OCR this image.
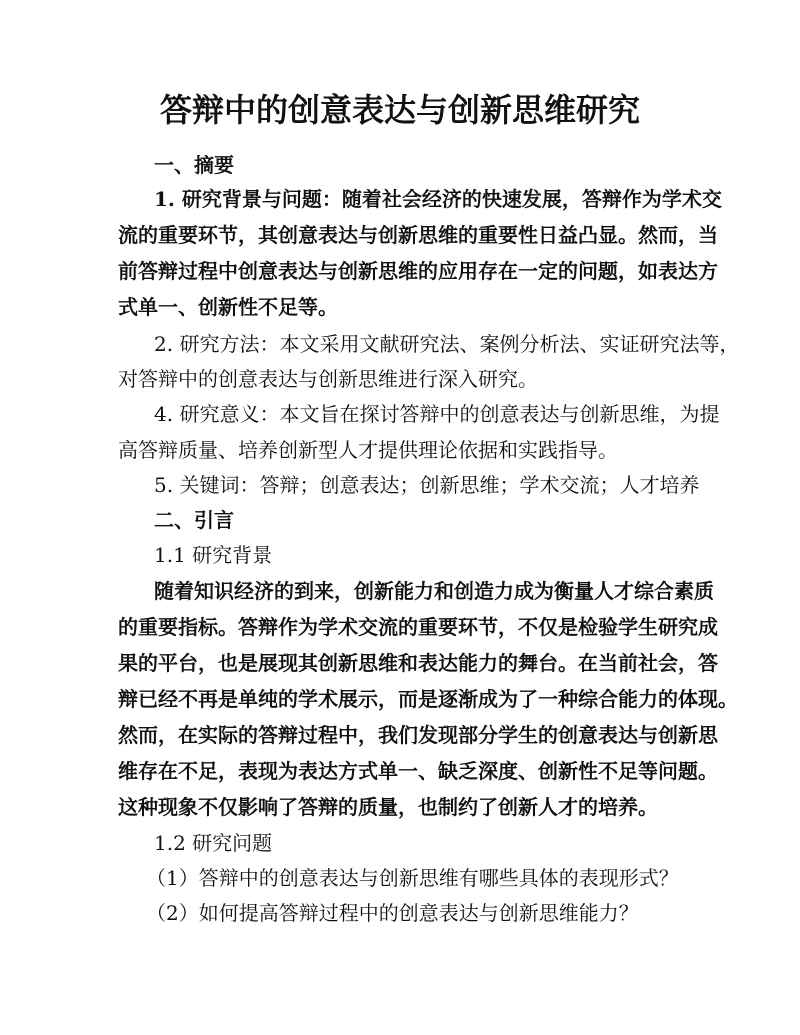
答辩中的创意表达与创新思维研究
一、摘要
1. 研究背景与问题：随着社会经济的快速发展，答辩作为学术交
流的重要环节，其创意表达与创新思维的重要性日益凸显。然而，当
前答辩过程中创意表达与创新思维的应用存在一定的问题，如表达方
式单一、创新性不足等。
2. 研究方法：本文采用文献研究法、案例分析法、实证研究法等，
对答辩中的创意表达与创新思维进行深入研究。
4. 研究意义：本文旨在探讨答辩中的创意表达与创新思维，为提
高答辩质量、培养创新型人才提供理论依据和实践指导。
5. 关键词：答辩；创意表达；创新思维；学术交流；人才培养
二、引言
1.1 研究背景
随着知识经济的到来，创新能力和创造力成为衡量人才综合素质
的重要指标。答辩作为学术交流的重要环节，不仅是检验学生研究成
果的平台，也是展现其创新思维和表达能力的舞台。在当前社会，答
辩已经不再是单纯的学术展示，而是逐渐成为了一种综合能力的体现。
然而，在实际的答辩过程中，我们发现部分学生的创意表达与创新思
维存在不足，表现为表达方式单一、缺乏深度、创新性不足等问题。
这种现象不仅影响了答辩的质量，也制约了创新人才的培养。
1.2 研究问题
（1）答辩中的创意表达与创新思维有哪些具体的表现形式？
（2）如何提高答辩过程中的创意表达与创新思维能力？
